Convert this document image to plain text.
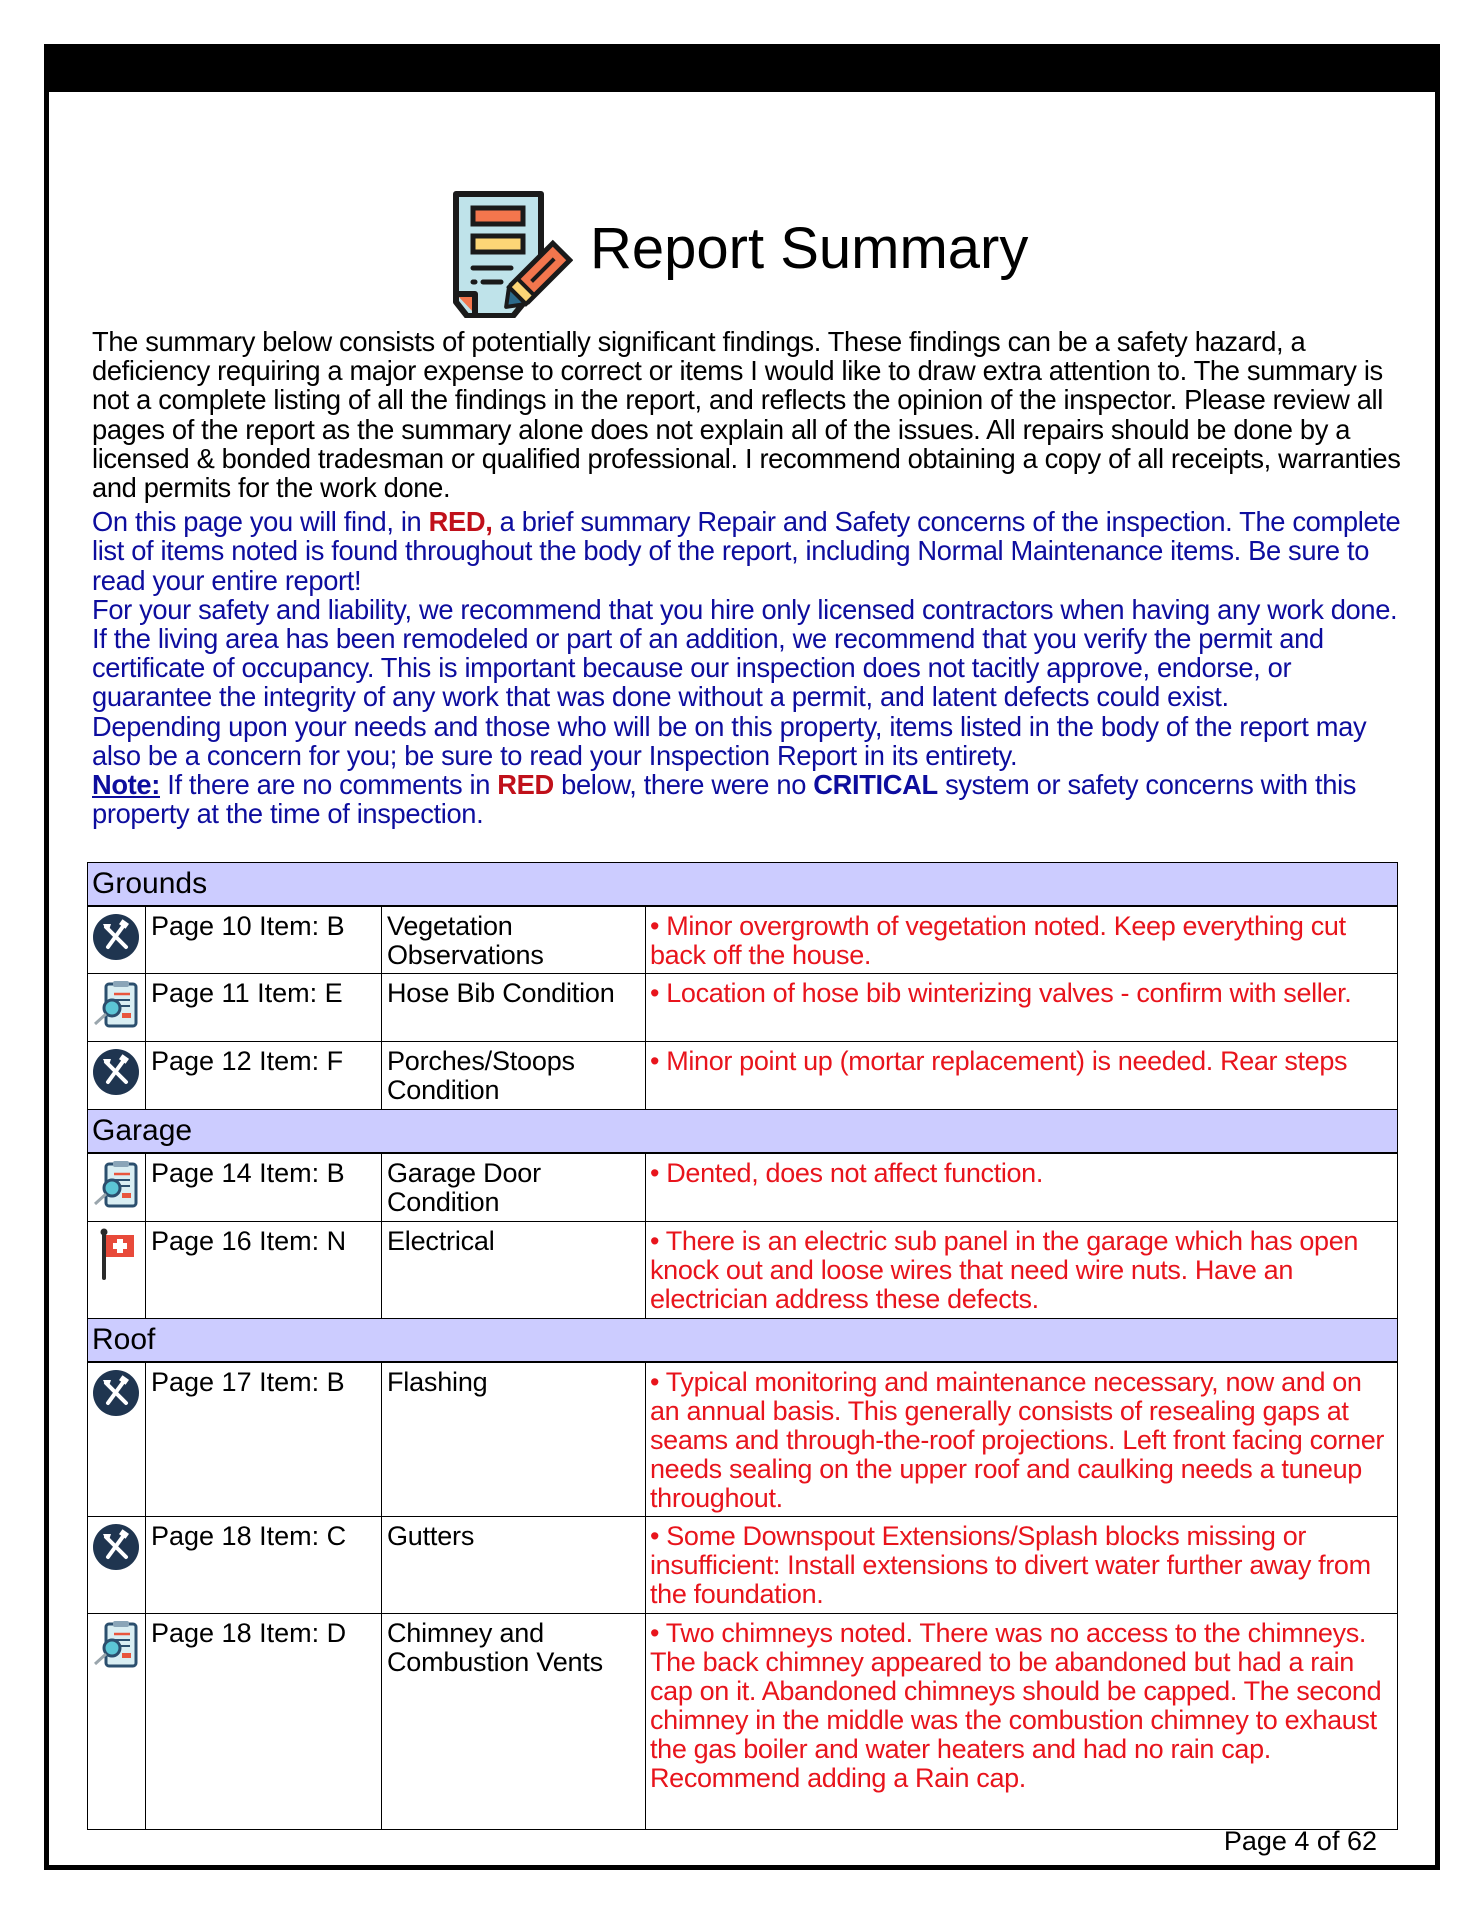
Report Summary

The summary below consists of potentially significant findings. These findings can be a safety hazard, a deficiency requiring a major expense to correct or items I would like to draw extra attention to. The summary is not a complete listing of all the findings in the report, and reflects the opinion of the inspector. Please review all pages of the report as the summary alone does not explain all of the issues. All repairs should be done by a licensed & bonded tradesman or qualified professional. I recommend obtaining a copy of all receipts, warranties and permits for the work done.

On this page you will find, in RED, a brief summary Repair and Safety concerns of the inspection. The complete list of items noted is found throughout the body of the report, including Normal Maintenance items. Be sure to read your entire report!

For your safety and liability, we recommend that you hire only licensed contractors when having any work done. If the living area has been remodeled or part of an addition, we recommend that you verify the permit and certificate of occupancy. This is important because our inspection does not tacitly approve, endorse, or guarantee the integrity of any work that was done without a permit, and latent defects could exist.

Depending upon your needs and those who will be on this property, items listed in the body of the report may also be a concern for you; be sure to read your Inspection Report in its entirety.

Note: If there are no comments in RED below, there were no CRITICAL system or safety concerns with this property at the time of inspection.

Grounds			

	Page 10 Item: B	Vegetation Observations	• Minor overgrowth of vegetation noted. Keep everything cut back off the house.

	Page 11 Item: E	Hose Bib Condition	• Location of hose bib winterizing valves - confirm with seller.

	Page 12 Item: F	Porches/Stoops Condition	• Minor point up (mortar replacement) is needed. Rear steps
Garage			

	Page 14 Item: B	Garage Door Condition	• Dented, does not affect function.

	Page 16 Item: N	Electrical	• There is an electric sub panel in the garage which has open knock out and loose wires that need wire nuts. Have an electrician address these defects.
Roof			

	Page 17 Item: B	Flashing	• Typical monitoring and maintenance necessary, now and on an annual basis. This generally consists of resealing gaps at seams and through-the-roof projections. Left front facing corner needs sealing on the upper roof and caulking needs a tuneup throughout.

	Page 18 Item: C	Gutters	• Some Downspout Extensions/Splash blocks missing or insufficient: Install extensions to divert water further away from the foundation.

	Page 18 Item: D	Chimney and Combustion Vents	• Two chimneys noted. There was no access to the chimneys. The back chimney appeared to be abandoned but had a rain cap on it. Abandoned chimneys should be capped. The second chimney in the middle was the combustion chimney to exhaust the gas boiler and water heaters and had no rain cap. Recommend adding a Rain cap.
Page 4 of 62
